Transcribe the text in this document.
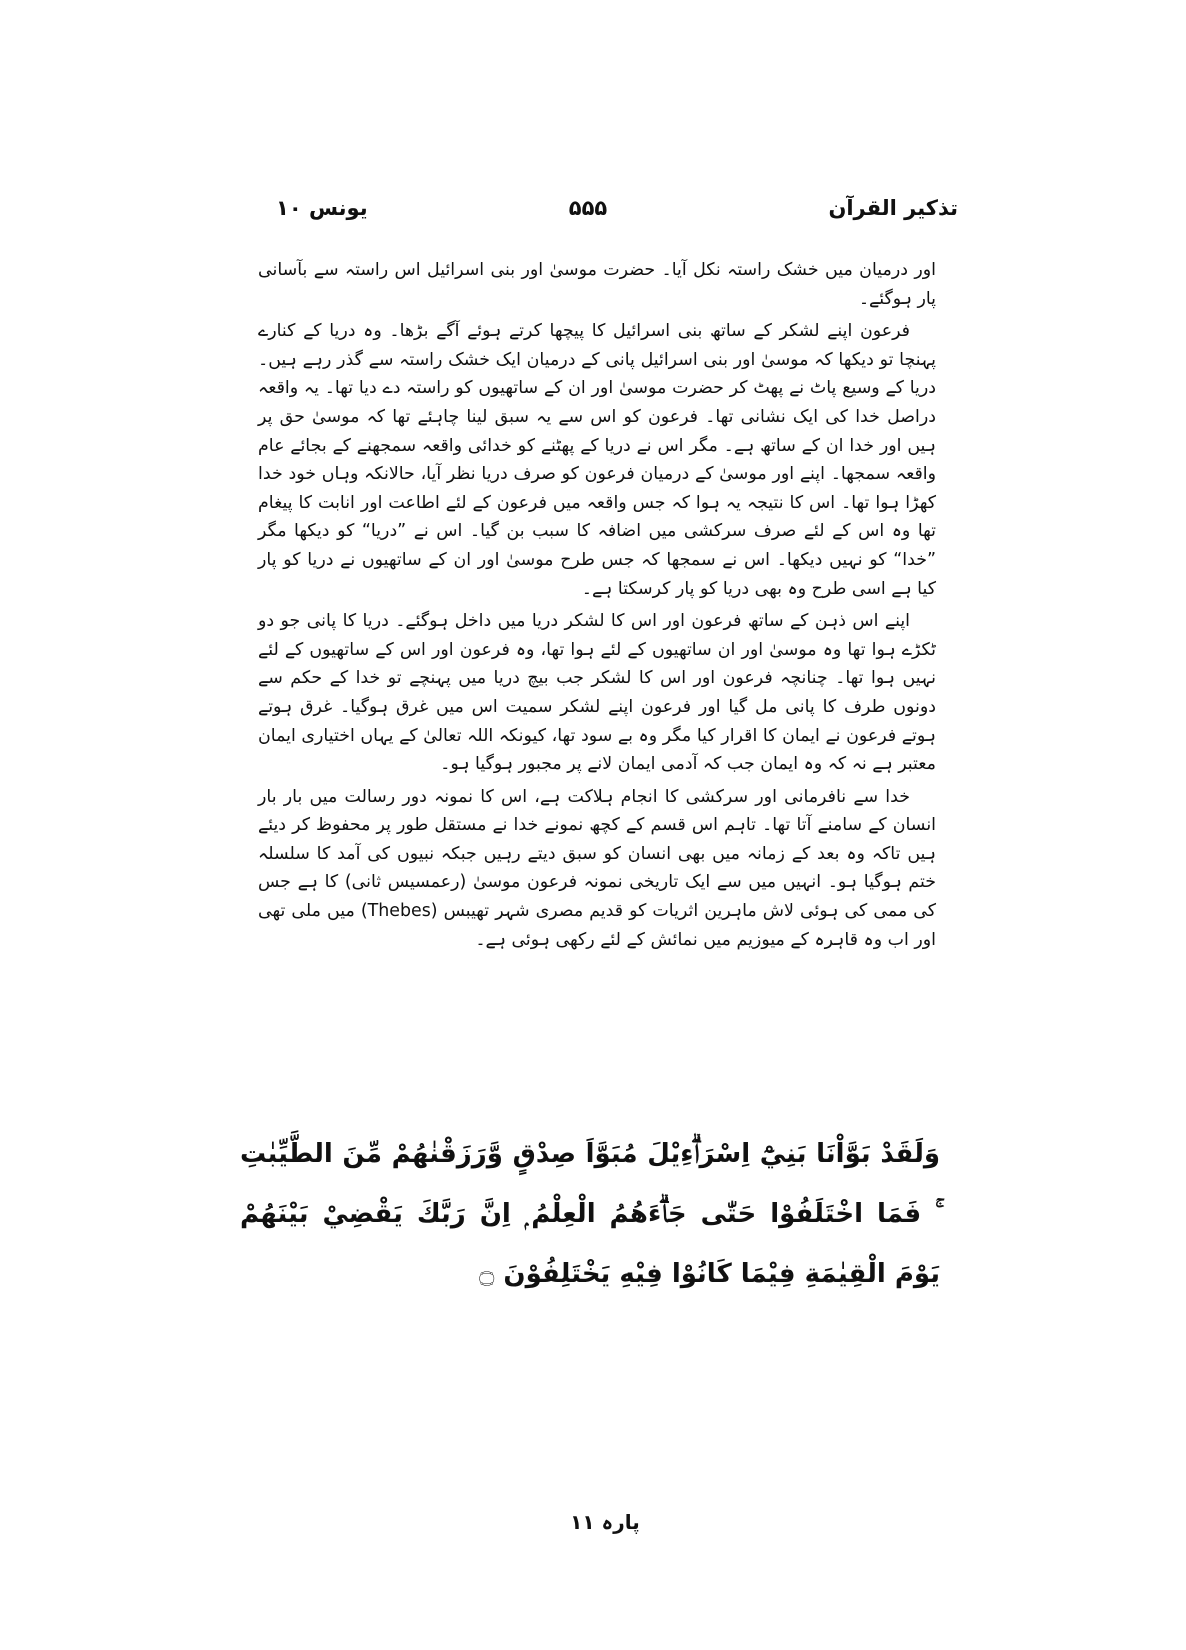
تذکیر القرآن
۵۵۵
یونس ۱۰

اور درمیان میں خشک راستہ نکل آیا۔ حضرت موسیٰ اور بنی اسرائیل اس راستہ سے بآسانی پار ہوگئے۔

فرعون اپنے لشکر کے ساتھ بنی اسرائیل کا پیچھا کرتے ہوئے آگے بڑھا۔ وہ دریا کے کنارے پہنچا تو دیکھا کہ موسیٰ اور بنی اسرائیل پانی کے درمیان ایک خشک راستہ سے گذر رہے ہیں۔ دریا کے وسیع پاٹ نے پھٹ کر حضرت موسیٰ اور ان کے ساتھیوں کو راستہ دے دیا تھا۔ یہ واقعہ دراصل خدا کی ایک نشانی تھا۔ فرعون کو اس سے یہ سبق لینا چاہئے تھا کہ موسیٰ حق پر ہیں اور خدا ان کے ساتھ ہے۔ مگر اس نے دریا کے پھٹنے کو خدائی واقعہ سمجھنے کے بجائے عام واقعہ سمجھا۔ اپنے اور موسیٰ کے درمیان فرعون کو صرف دریا نظر آیا، حالانکہ وہاں خود خدا کھڑا ہوا تھا۔ اس کا نتیجہ یہ ہوا کہ جس واقعہ میں فرعون کے لئے اطاعت اور انابت کا پیغام تھا وہ اس کے لئے صرف سرکشی میں اضافہ کا سبب بن گیا۔ اس نے ”دریا“ کو دیکھا مگر ”خدا“ کو نہیں دیکھا۔ اس نے سمجھا کہ جس طرح موسیٰ اور ان کے ساتھیوں نے دریا کو پار کیا ہے اسی طرح وہ بھی دریا کو پار کرسکتا ہے۔

اپنے اس ذہن کے ساتھ فرعون اور اس کا لشکر دریا میں داخل ہوگئے۔ دریا کا پانی جو دو ٹکڑے ہوا تھا وہ موسیٰ اور ان ساتھیوں کے لئے ہوا تھا، وہ فرعون اور اس کے ساتھیوں کے لئے نہیں ہوا تھا۔ چنانچہ فرعون اور اس کا لشکر جب بیچ دریا میں پہنچے تو خدا کے حکم سے دونوں طرف کا پانی مل گیا اور فرعون اپنے لشکر سمیت اس میں غرق ہوگیا۔ غرق ہوتے ہوتے فرعون نے ایمان کا اقرار کیا مگر وہ بے سود تھا، کیونکہ اللہ تعالیٰ کے یہاں اختیاری ایمان معتبر ہے نہ کہ وہ ایمان جب کہ آدمی ایمان لانے پر مجبور ہوگیا ہو۔

خدا سے نافرمانی اور سرکشی کا انجام ہلاکت ہے، اس کا نمونہ دور رسالت میں بار بار انسان کے سامنے آتا تھا۔ تاہم اس قسم کے کچھ نمونے خدا نے مستقل طور پر محفوظ کر دیئے ہیں تاکہ وہ بعد کے زمانہ میں بھی انسان کو سبق دیتے رہیں جبکہ نبیوں کی آمد کا سلسلہ ختم ہوگیا ہو۔ انہیں میں سے ایک تاریخی نمونہ فرعون موسیٰ (رعمسیس ثانی) کا ہے جس کی ممی کی ہوئی لاش ماہرین اثریات کو قدیم مصری شہر تھیبس (Thebes) میں ملی تھی اور اب وہ قاہرہ کے میوزیم میں نمائش کے لئے رکھی ہوئی ہے۔

وَلَقَدْ بَوَّاْنَا بَنِيْٓ اِسْرَاۗءِيْلَ مُبَوَّاَ صِدْقٍ وَّرَزَقْنٰھُمْ مِّنَ الطَّيِّبٰتِ ۚ فَمَا اخْتَلَفُوْا حَتّٰى جَاۗءَھُمُ الْعِلْمُ ۭ اِنَّ رَبَّكَ يَقْضِيْ بَيْنَھُمْ يَوْمَ الْقِيٰمَةِ فِيْمَا كَانُوْا فِيْهِ يَخْتَلِفُوْنَ ۝
پارہ ۱۱
